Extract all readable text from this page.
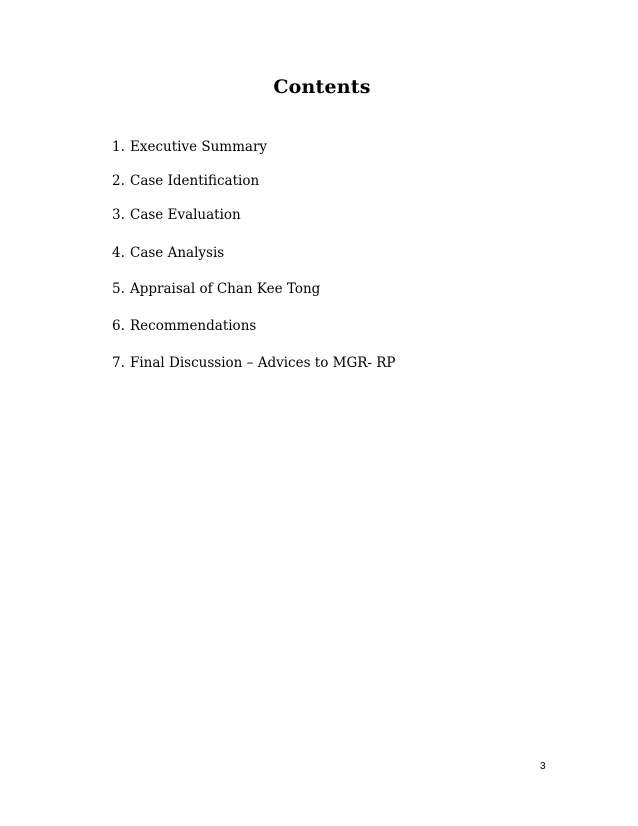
Contents
1. Executive Summary
2. Case Identification
3. Case Evaluation
4. Case Analysis
5. Appraisal of Chan Kee Tong
6. Recommendations
7. Final Discussion – Advices to MGR- RP
3
